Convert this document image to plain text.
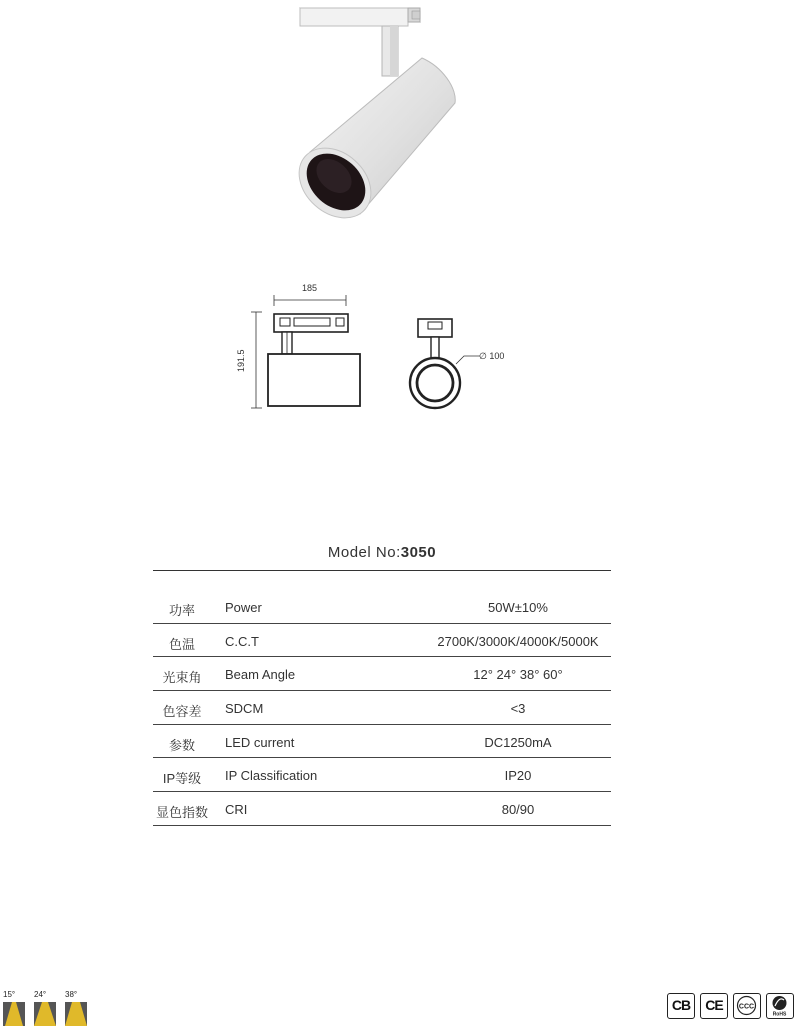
185
191.5	∅ 100
Model No:3050
功率	Power	50W±10%
色温	C.C.T	2700K/3000K/4000K/5000K
光束角	Beam Angle	12° 24° 38° 60°
色容差	SDCM	<3
参数	LED current	DC1250mA
IP等级	IP Classification	IP20
显色指数 CRI	80/90
15° 24° 38°
CB	CE	CCC
RoHS
